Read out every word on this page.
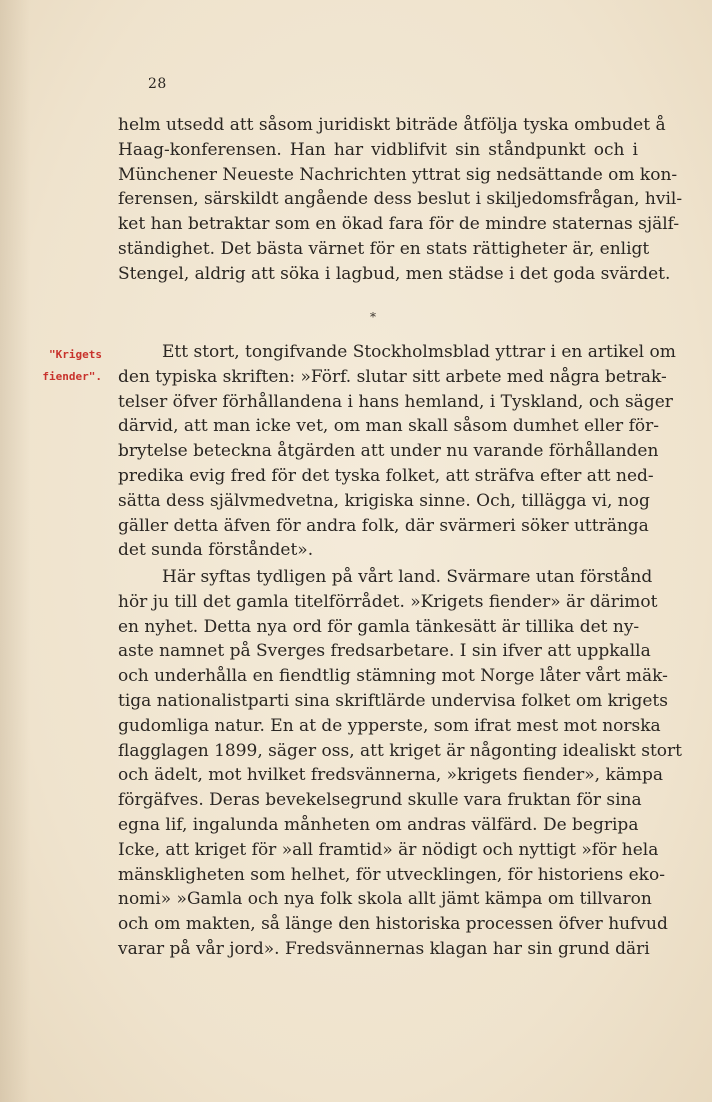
28
helm utsedd att såsom juridiskt biträde åtfölja tyska ombudet å
Haag-konferensen. Han har vidblifvit sin ståndpunkt och i
Münchener Neueste Nachrichten yttrat sig nedsättande om kon-
ferensen, särskildt angående dess beslut i skiljedomsfrågan, hvil-
ket han betraktar som en ökad fara för de mindre staternas själf-
ständighet. Det bästa värnet för en stats rättigheter är, enligt
Stengel, aldrig att söka i lagbud, men städse i det goda svärdet.
*
"Krigets
fiender".
Ett stort, tongifvande Stockholmsblad yttrar i en artikel om
den typiska skriften: »Förf. slutar sitt arbete med några betrak-
telser öfver förhållandena i hans hemland, i Tyskland, och säger
därvid, att man icke vet, om man skall såsom dumhet eller för-
brytelse beteckna åtgärden att under nu varande förhållanden
predika evig fred för det tyska folket, att sträfva efter att ned-
sätta dess självmedvetna, krigiska sinne. Och, tillägga vi, nog
gäller detta äfven för andra folk, där svärmeri söker uttränga
det sunda förståndet».
Här syftas tydligen på vårt land. Svärmare utan förstånd
hör ju till det gamla titelförrådet. »Krigets fiender» är därimot
en nyhet. Detta nya ord för gamla tänkesätt är tillika det ny-
aste namnet på Sverges fredsarbetare. I sin ifver att uppkalla
och underhålla en fiendtlig stämning mot Norge låter vårt mäk-
tiga nationalistparti sina skriftlärde undervisa folket om krigets
gudomliga natur. En at de ypperste, som ifrat mest mot norska
flagglagen 1899, säger oss, att kriget är någonting idealiskt stort
och ädelt, mot hvilket fredsvännerna, »krigets fiender», kämpa
förgäfves. Deras bevekelsegrund skulle vara fruktan för sina
egna lif, ingalunda månheten om andras välfärd. De begripa
Icke, att kriget för »all framtid» är nödigt och nyttigt »för hela
mänskligheten som helhet, för utvecklingen, för historiens eko-
nomi» »Gamla och nya folk skola allt jämt kämpa om tillvaron
och om makten, så länge den historiska processen öfver hufvud
varar på vår jord». Fredsvännernas klagan har sin grund däri
